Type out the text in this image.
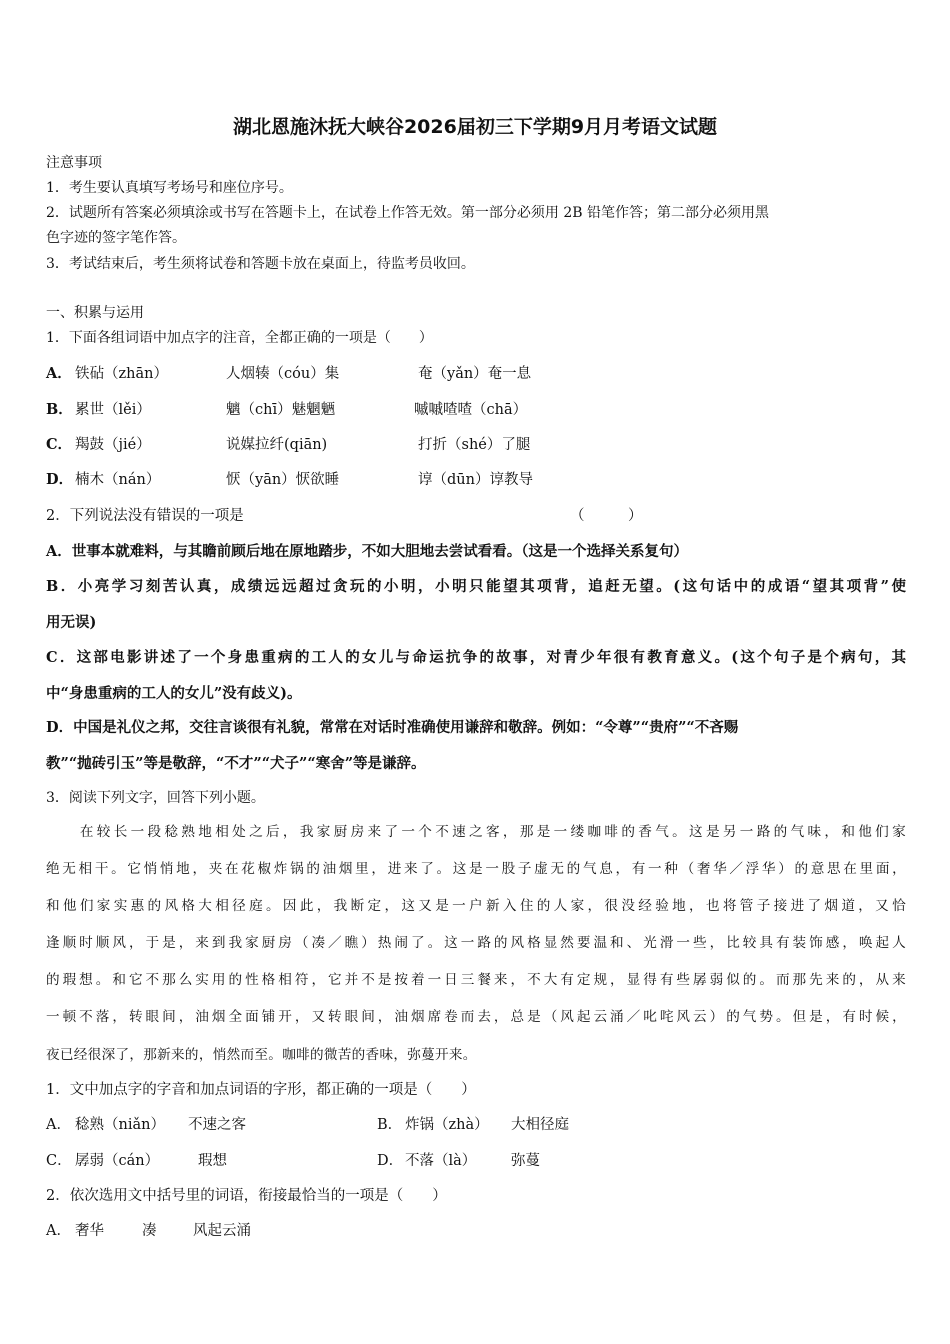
湖北恩施沐抚大峡谷2026届初三下学期9月月考语文试题
注意事项
1．考生要认真填写考场号和座位序号。
2．试题所有答案必须填涂或书写在答题卡上，在试卷上作答无效。第一部分必须用 2B 铅笔作答；第二部分必须用黑
色字迹的签字笔作答。
3．考试结束后，考生须将试卷和答题卡放在桌面上，待监考员收回。
一、积累与运用
1．下面各组词语中加点字的注音，全都正确的一项是（　　）
A． 铁砧（zhān）	人烟辏（cóu）集	奄（yǎn）奄一息
B． 累世（lěi）	魑（chī）魅魍魉	嘁嘁喳喳（chā）
C． 羯鼓（jié）	说媒拉纤(qiān)	打折（shé）了腿
D． 楠木（nán）	恹（yān）恹欲睡	谆（dūn）谆教导
2．下列说法没有错误的一项是	（　　　）
A．世事本就难料，与其瞻前顾后地在原地踏步，不如大胆地去尝试看看。（这是一个选择关系复句）
B．小亮学习刻苦认真，成绩远远超过贪玩的小明，小明只能望其项背，追赶无望。(这句话中的成语“望其项背”使
用无误)
C．这部电影讲述了一个身患重病的工人的女儿与命运抗争的故事，对青少年很有教育意义。(这个句子是个病句，其
中“身患重病的工人的女儿”没有歧义)。
D．中国是礼仪之邦，交往言谈很有礼貌，常常在对话时准确使用谦辞和敬辞。例如：“令尊”“贵府”“不吝赐
教”“抛砖引玉”等是敬辞，“不才”“犬子”“寒舍”等是谦辞。
3．阅读下列文字，回答下列小题。
　　在较长一段稔熟地相处之后，我家厨房来了一个不速之客，那是一缕咖啡的香气。这是另一路的气味，和他们家
绝无相干。它悄悄地，夹在花椒炸锅的油烟里，进来了。这是一股子虚无的气息，有一种（奢华／浮华）的意思在里面，
和他们家实惠的风格大相径庭。因此，我断定，这又是一户新入住的人家，很没经验地，也将管子接进了烟道，又恰
逢顺时顺风，于是，来到我家厨房（凑／瞧）热闹了。这一路的风格显然要温和、光滑一些，比较具有装饰感，唤起人
的瑕想。和它不那么实用的性格相符，它并不是按着一日三餐来，不大有定规，显得有些孱弱似的。而那先来的，从来
一顿不落，转眼间，油烟全面铺开，又转眼间，油烟席卷而去，总是（风起云涌／叱咤风云）的气势。但是，有时候，
夜已经很深了，那新来的，悄然而至。咖啡的微苦的香味，弥蔓开来。
1．文中加点字的字音和加点词语的字形，都正确的一项是（　　）
A． 稔熟（niǎn） 不速之客	B． 炸锅（zhà） 大相径庭
C． 孱弱（cán）	瑕想	D． 不落（là） 弥蔓
2．依次选用文中括号里的词语，衔接最恰当的一项是（　　）
A． 奢华	凑	风起云涌
